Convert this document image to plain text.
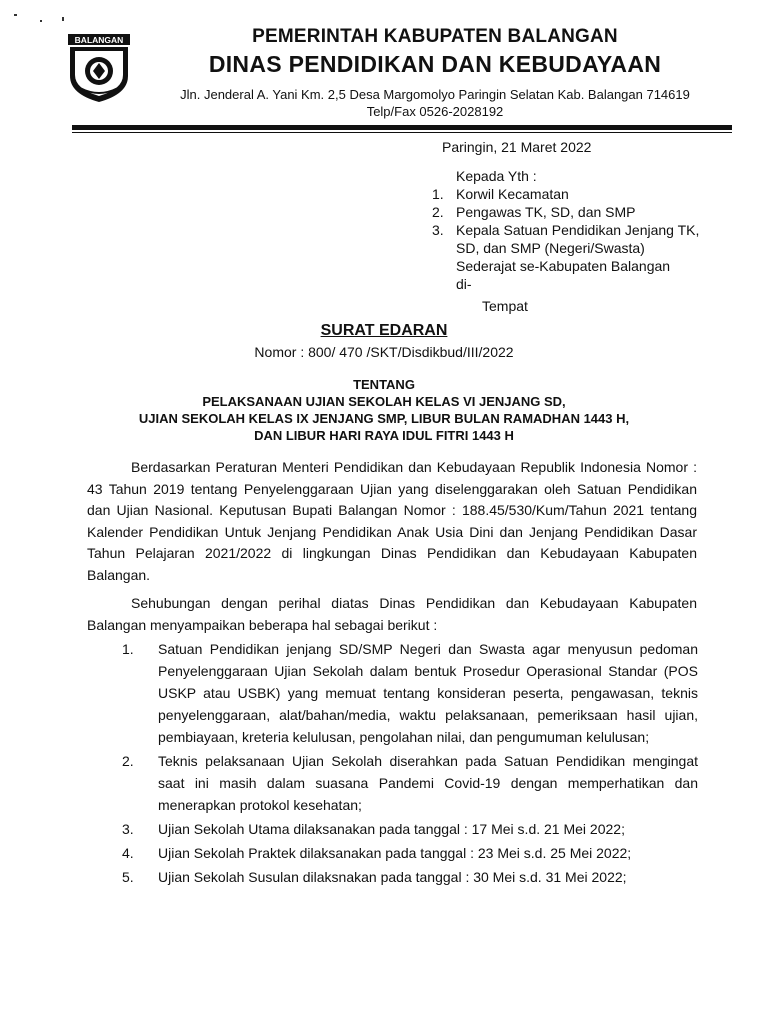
BALANGAN	PEMERINTAH KABUPATEN BALANGAN
DINAS PENDIDIKAN DAN KEBUDAYAAN
Jln. Jenderal A. Yani Km. 2,5 Desa Margomolyo Paringin Selatan Kab. Balangan 714619
Telp/Fax 0526-2028192
Paringin, 21 Maret 2022
Kepada Yth :
1. Korwil Kecamatan
2. Pengawas TK, SD, dan SMP
3. Kepala Satuan Pendidikan Jenjang TK, SD, dan SMP (Negeri/Swasta) Sederajat se-Kabupaten Balangan
di-
Tempat
SURAT EDARAN
Nomor : 800/ 470 /SKT/Disdikbud/III/2022
TENTANG
PELAKSANAAN UJIAN SEKOLAH KELAS VI JENJANG SD,
UJIAN SEKOLAH KELAS IX JENJANG SMP, LIBUR BULAN RAMADHAN 1443 H,
DAN LIBUR HARI RAYA IDUL FITRI 1443 H

Berdasarkan Peraturan Menteri Pendidikan dan Kebudayaan Republik Indonesia Nomor : 43 Tahun 2019 tentang Penyelenggaraan Ujian yang diselenggarakan oleh Satuan Pendidikan dan Ujian Nasional. Keputusan Bupati Balangan Nomor : 188.45/530/Kum/Tahun 2021 tentang Kalender Pendidikan Untuk Jenjang Pendidikan Anak Usia Dini dan Jenjang Pendidikan Dasar Tahun Pelajaran 2021/2022 di lingkungan Dinas Pendidikan dan Kebudayaan Kabupaten Balangan.

Sehubungan dengan perihal diatas Dinas Pendidikan dan Kebudayaan Kabupaten Balangan menyampaikan beberapa hal sebagai berikut :

1.	Satuan Pendidikan jenjang SD/SMP Negeri dan Swasta agar menyusun pedoman Penyelenggaraan Ujian Sekolah dalam bentuk Prosedur Operasional Standar (POS USKP atau USBK) yang memuat tentang konsideran peserta, pengawasan, teknis penyelenggaraan, alat/bahan/media, waktu pelaksanaan, pemeriksaan hasil ujian, pembiayaan, kreteria kelulusan, pengolahan nilai, dan pengumuman kelulusan;
2.	Teknis pelaksanaan Ujian Sekolah diserahkan pada Satuan Pendidikan mengingat saat ini masih dalam suasana Pandemi Covid-19 dengan memperhatikan dan menerapkan protokol kesehatan;
3.	Ujian Sekolah Utama dilaksanakan pada tanggal : 17 Mei s.d. 21 Mei 2022;
4.	Ujian Sekolah Praktek dilaksanakan pada tanggal : 23 Mei s.d. 25 Mei 2022;
5.	Ujian Sekolah Susulan dilaksnakan pada tanggal : 30 Mei s.d. 31 Mei 2022;
